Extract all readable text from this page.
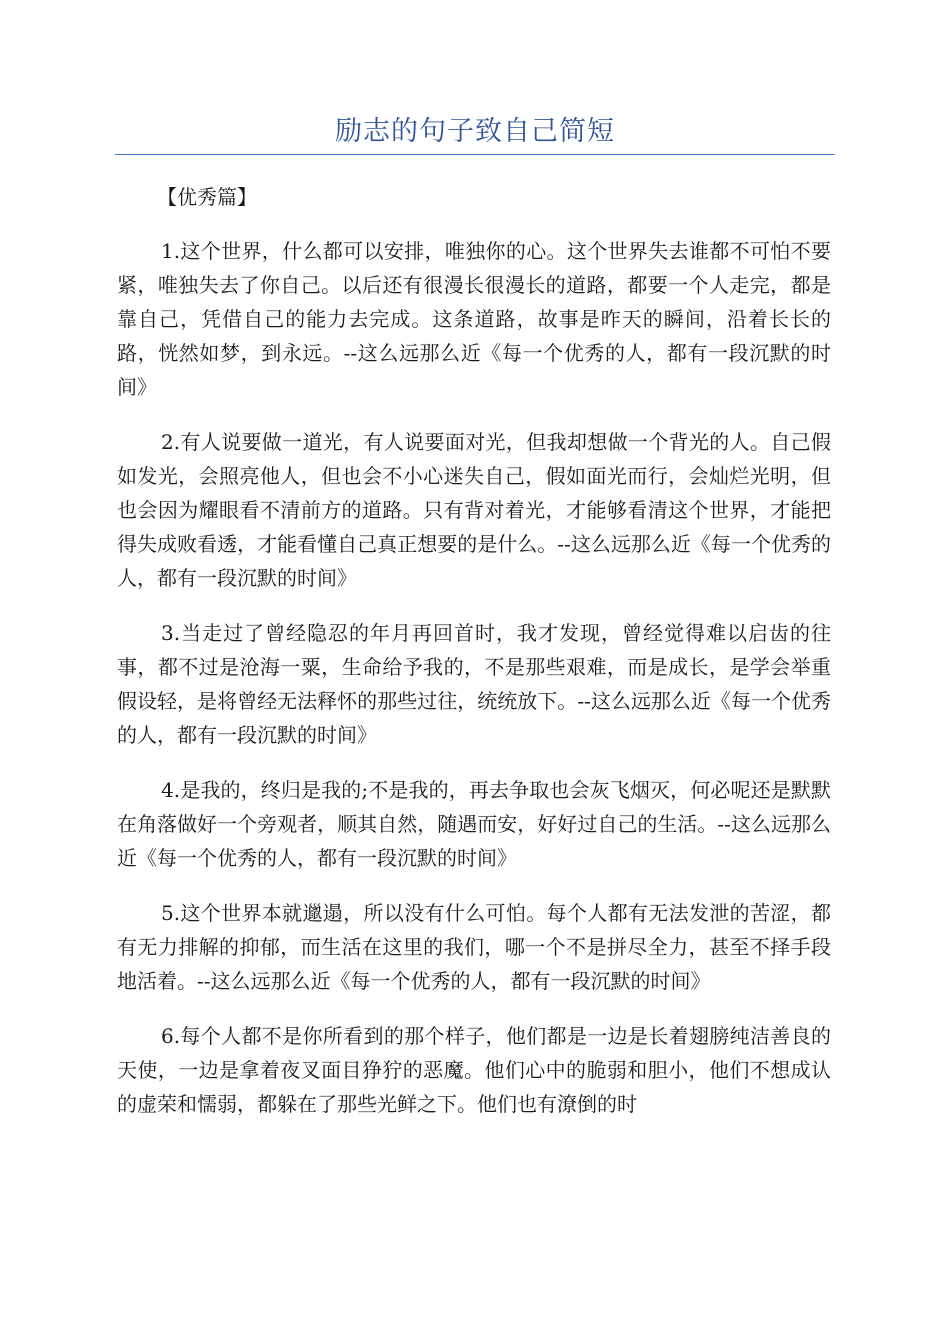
励志的句子致自己简短

【优秀篇】

1.这个世界，什么都可以安排，唯独你的心。这个世界失去谁都不可怕不要紧，唯独失去了你自己。以后还有很漫长很漫长的道路，都要一个人走完，都是靠自己，凭借自己的能力去完成。这条道路，故事是昨天的瞬间，沿着长长的路，恍然如梦，到永远。--这么远那么近《每一个优秀的人，都有一段沉默的时间》

2.有人说要做一道光，有人说要面对光，但我却想做一个背光的人。自己假如发光，会照亮他人，但也会不小心迷失自己，假如面光而行，会灿烂光明，但也会因为耀眼看不清前方的道路。只有背对着光，才能够看清这个世界，才能把得失成败看透，才能看懂自己真正想要的是什么。--这么远那么近《每一个优秀的人，都有一段沉默的时间》

3.当走过了曾经隐忍的年月再回首时，我才发现，曾经觉得难以启齿的往事，都不过是沧海一粟，生命给予我的，不是那些艰难，而是成长，是学会举重假设轻，是将曾经无法释怀的那些过往，统统放下。--这么远那么近《每一个优秀的人，都有一段沉默的时间》

4.是我的，终归是我的;不是我的，再去争取也会灰飞烟灭，何必呢还是默默在角落做好一个旁观者，顺其自然，随遇而安，好好过自己的生活。--这么远那么近《每一个优秀的人，都有一段沉默的时间》

5.这个世界本就邋遢，所以没有什么可怕。每个人都有无法发泄的苦涩，都有无力排解的抑郁，而生活在这里的我们，哪一个不是拼尽全力，甚至不择手段地活着。--这么远那么近《每一个优秀的人，都有一段沉默的时间》

6.每个人都不是你所看到的那个样子，他们都是一边是长着翅膀纯洁善良的天使，一边是拿着夜叉面目狰狞的恶魔。他们心中的脆弱和胆小，他们不想成认的虚荣和懦弱，都躲在了那些光鲜之下。他们也有潦倒的时
